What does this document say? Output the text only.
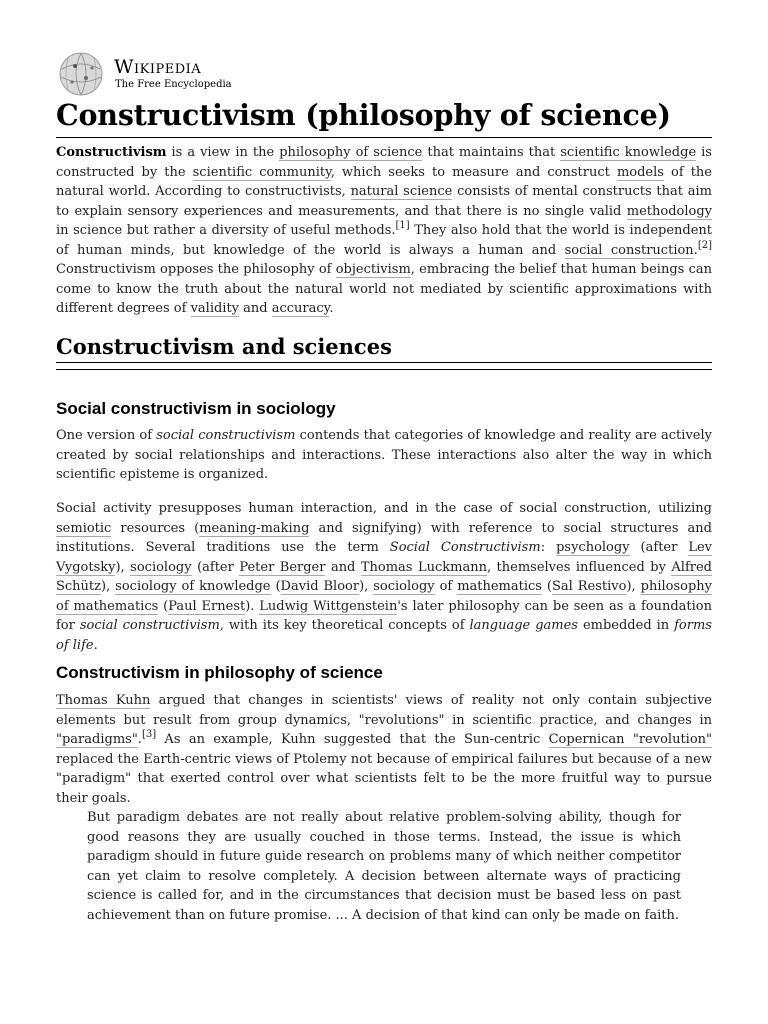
Wikipedia
The Free Encyclopedia
Constructivism (philosophy of science)

Constructivism is a view in the philosophy of science that maintains that scientific knowledge is constructed by the scientific community, which seeks to measure and construct models of the natural world. According to constructivists, natural science consists of mental constructs that aim to explain sensory experiences and measurements, and that there is no single valid methodology in science but rather a diversity of useful methods.[1] They also hold that the world is independent of human minds, but knowledge of the world is always a human and social construction.[2] Constructivism opposes the philosophy of objectivism, embracing the belief that human beings can come to know the truth about the natural world not mediated by scientific approximations with different degrees of validity and accuracy.

Constructivism and sciences
Social constructivism in sociology

One version of social constructivism contends that categories of knowledge and reality are actively created by social relationships and interactions. These interactions also alter the way in which scientific episteme is organized.

Social activity presupposes human interaction, and in the case of social construction, utilizing semiotic resources (meaning-making and signifying) with reference to social structures and institutions. Several traditions use the term Social Constructivism: psychology (after Lev Vygotsky), sociology (after Peter Berger and Thomas Luckmann, themselves influenced by Alfred Schütz), sociology of knowledge (David Bloor), sociology of mathematics (Sal Restivo), philosophy of mathematics (Paul Ernest). Ludwig Wittgenstein's later philosophy can be seen as a foundation for social constructivism, with its key theoretical concepts of language games embedded in forms of life.

Constructivism in philosophy of science

Thomas Kuhn argued that changes in scientists' views of reality not only contain subjective elements but result from group dynamics, "revolutions" in scientific practice, and changes in "paradigms".[3] As an example, Kuhn suggested that the Sun-centric Copernican "revolution" replaced the Earth-centric views of Ptolemy not because of empirical failures but because of a new "paradigm" that exerted control over what scientists felt to be the more fruitful way to pursue their goals.

But paradigm debates are not really about relative problem-solving ability, though for good reasons they are usually couched in those terms. Instead, the issue is which paradigm should in future guide research on problems many of which neither competitor can yet claim to resolve completely. A decision between alternate ways of practicing science is called for, and in the circumstances that decision must be based less on past achievement than on future promise. ... A decision of that kind can only be made on faith.
